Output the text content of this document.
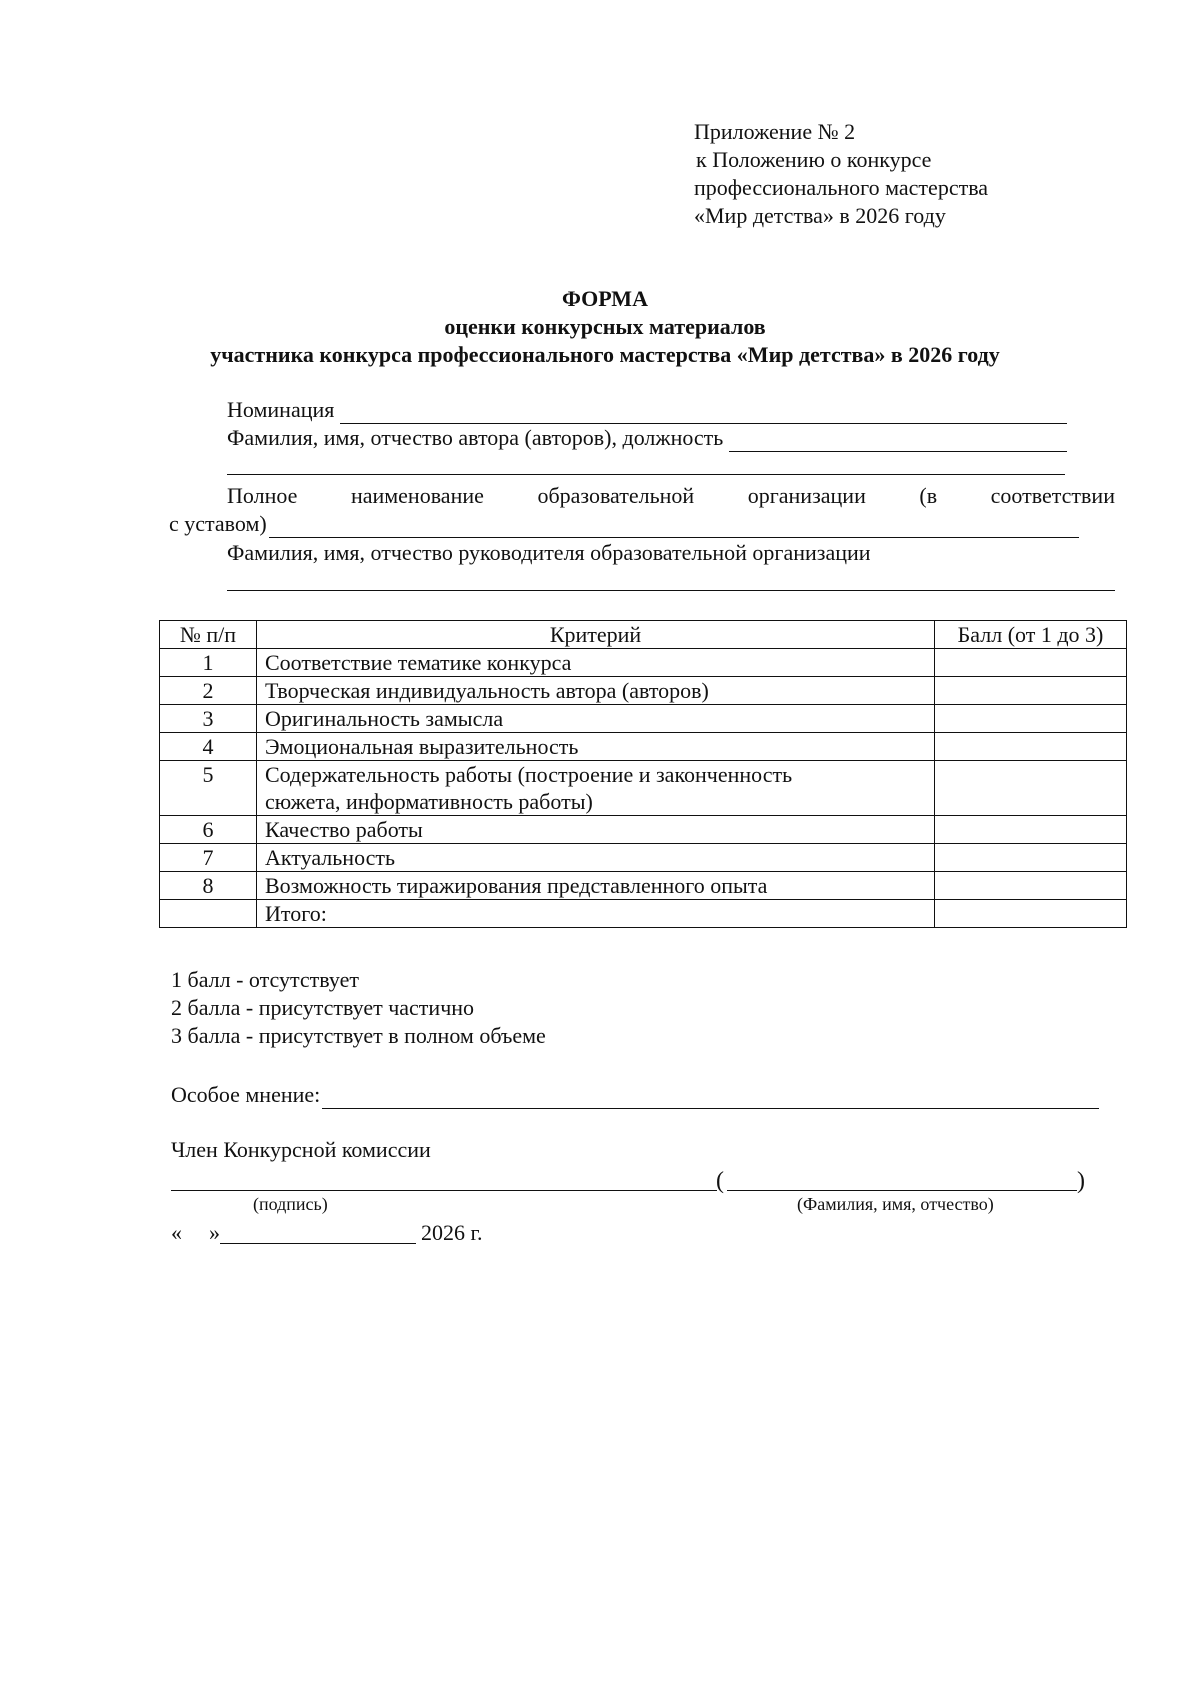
Приложение № 2
к Положению о конкурсе
профессионального мастерства
«Мир детства» в 2026 году
ФОРМА
оценки конкурсных материалов
участника конкурса профессионального мастерства «Мир детства» в 2026 году
Номинация
Фамилия, имя, отчество автора (авторов), должность
Полное наименование образовательной организации (в соответствии
с уставом)
Фамилия, имя, отчество руководителя образовательной организации
№ п/п	Критерий	Балл (от 1 до 3)
1	Соответствие тематике конкурса	
2	Творческая индивидуальность автора (авторов)	
3	Оригинальность замысла	
4	Эмоциональная выразительность	
5	Содержательность работы (построение и законченность
сюжета, информативность работы)	

6	Качество работы	
7	Актуальность	
8	Возможность тиражирования представленного опыта	
	Итого:	
1 балл - отсутствует
2 балла - присутствует частично
3 балла - присутствует в полном объеме
Особое мнение:
Член Конкурсной комиссии
(	)
(подпись)	(Фамилия, имя, отчество)
« »	2026 г.
